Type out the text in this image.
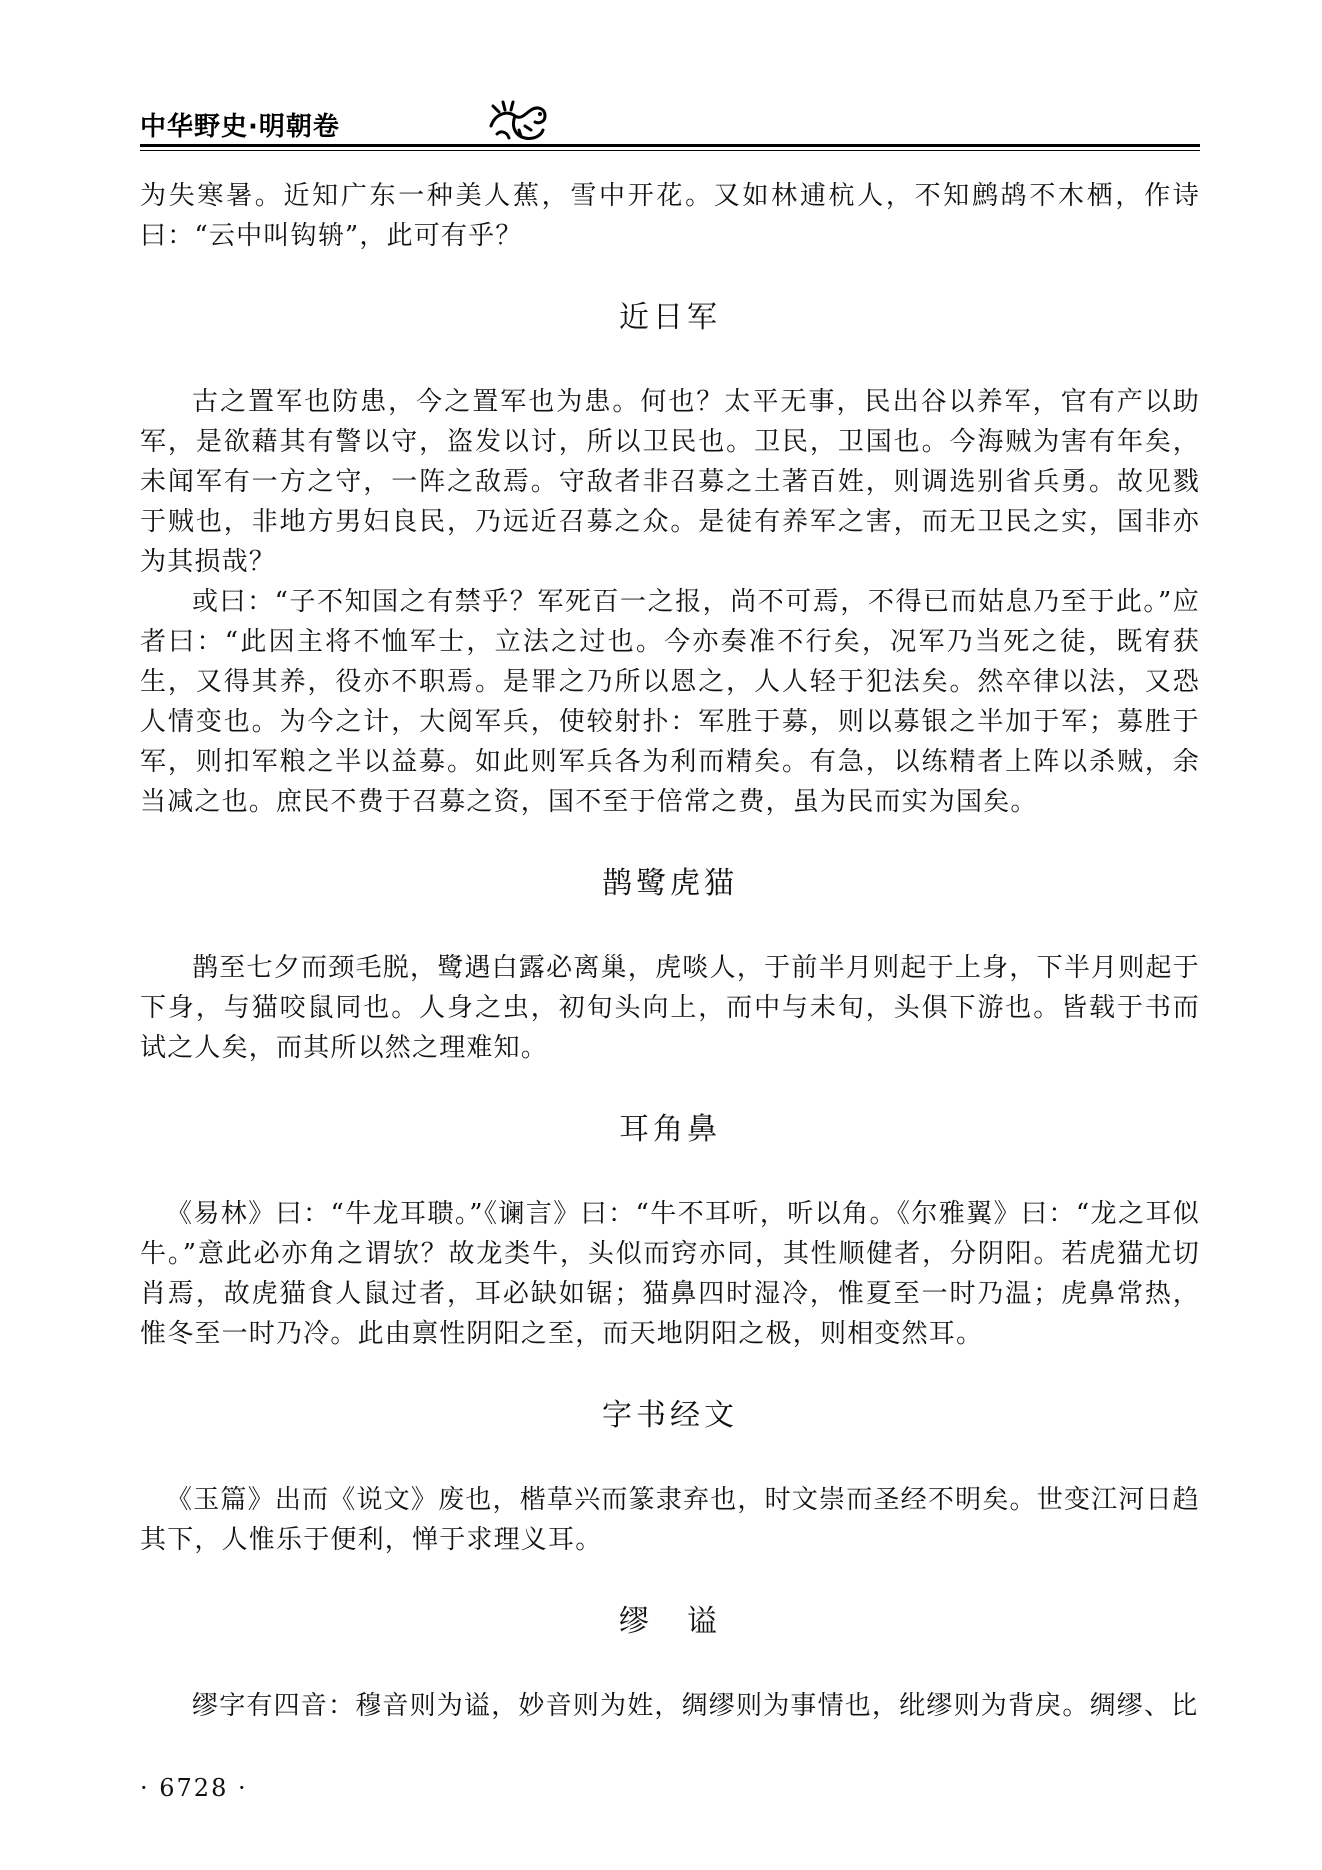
中华野史·明朝卷

为失寒暑。近知广东一种美人蕉，雪中开花。又如林逋杭人，不知鹧鸪不木栖，作诗曰：“云中叫钩辀”，此可有乎？

近日军

古之置军也防患，今之置军也为患。何也？太平无事，民出谷以养军，官有产以助军，是欲藉其有警以守，盗发以讨，所以卫民也。卫民，卫国也。今海贼为害有年矣，未闻军有一方之守，一阵之敌焉。守敌者非召募之土著百姓，则调选别省兵勇。故见戮于贼也，非地方男妇良民，乃远近召募之众。是徒有养军之害，而无卫民之实，国非亦为其损哉？

或曰：“子不知国之有禁乎？军死百一之报，尚不可焉，不得已而姑息乃至于此。”应者曰：“此因主将不恤军士，立法之过也。今亦奏准不行矣，况军乃当死之徒，既宥获生，又得其养，役亦不职焉。是罪之乃所以恩之，人人轻于犯法矣。然卒律以法，又恐人情变也。为今之计，大阅军兵，使较射扑：军胜于募，则以募银之半加于军；募胜于军，则扣军粮之半以益募。如此则军兵各为利而精矣。有急，以练精者上阵以杀贼，余当减之也。庶民不费于召募之资，国不至于倍常之费，虽为民而实为国矣。

鹊鹭虎猫

鹊至七夕而颈毛脱，鹭遇白露必离巢，虎啖人，于前半月则起于上身，下半月则起于下身，与猫咬鼠同也。人身之虫，初旬头向上，而中与未旬，头俱下游也。皆载于书而试之人矣，而其所以然之理难知。

耳角鼻

《易林》曰：“牛龙耳聩。”《谰言》曰：“牛不耳听，听以角。《尔雅翼》曰：“龙之耳似牛。”意此必亦角之谓欤？故龙类牛，头似而窍亦同，其性顺健者，分阴阳。若虎猫尤切肖焉，故虎猫食人鼠过者，耳必缺如锯；猫鼻四时湿冷，惟夏至一时乃温；虎鼻常热，惟冬至一时乃冷。此由禀性阴阳之至，而天地阴阳之极，则相变然耳。

字书经文

《玉篇》出而《说文》废也，楷草兴而篆隶弃也，时文崇而圣经不明矣。世变江河日趋其下，人惟乐于便利，惮于求理义耳。

缪　谥

缪字有四音：穆音则为谥，妙音则为姓，绸缪则为事情也，纰缪则为背戾。绸缪、比

· 6728 ·
